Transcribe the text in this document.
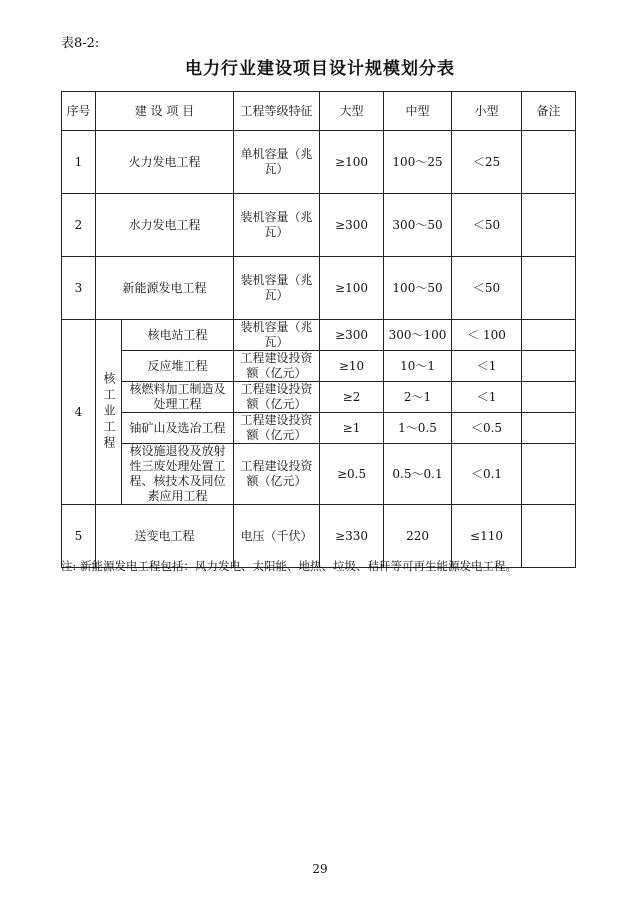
表8-2:
电力行业建设项目设计规模划分表
序号	建 设 项 目		工程等级特征	大型	中型	小型	备注
1	火力发电工程		单机容量（兆瓦）	≥100	100～25	＜25	
2	水力发电工程		装机容量（兆瓦）	≥300	300～50	＜50	
3	新能源发电工程		装机容量（兆瓦）	≥100	100～50	＜50	
4	核工业工程	核电站工程	装机容量（兆瓦）	≥300	300～100	＜ 100	
		反应堆工程	工程建设投资额（亿元）	≥10	10～1	＜1	
		核燃料加工制造及处理工程	工程建设投资额（亿元）	≥2	2～1	＜1	
		铀矿山及选冶工程	工程建设投资额（亿元）	≥1	1～0.5	＜0.5	
		核设施退役及放射性三废处理处置工程、核技术及同位素应用工程	工程建设投资额（亿元）	≥0.5	0.5～0.1	＜0.1	
5	送变电工程		电压（千伏）	≥330	220	≤110	
注: 新能源发电工程包括：风力发电、太阳能、地热、垃圾、秸秆等可再生能源发电工程。
29
